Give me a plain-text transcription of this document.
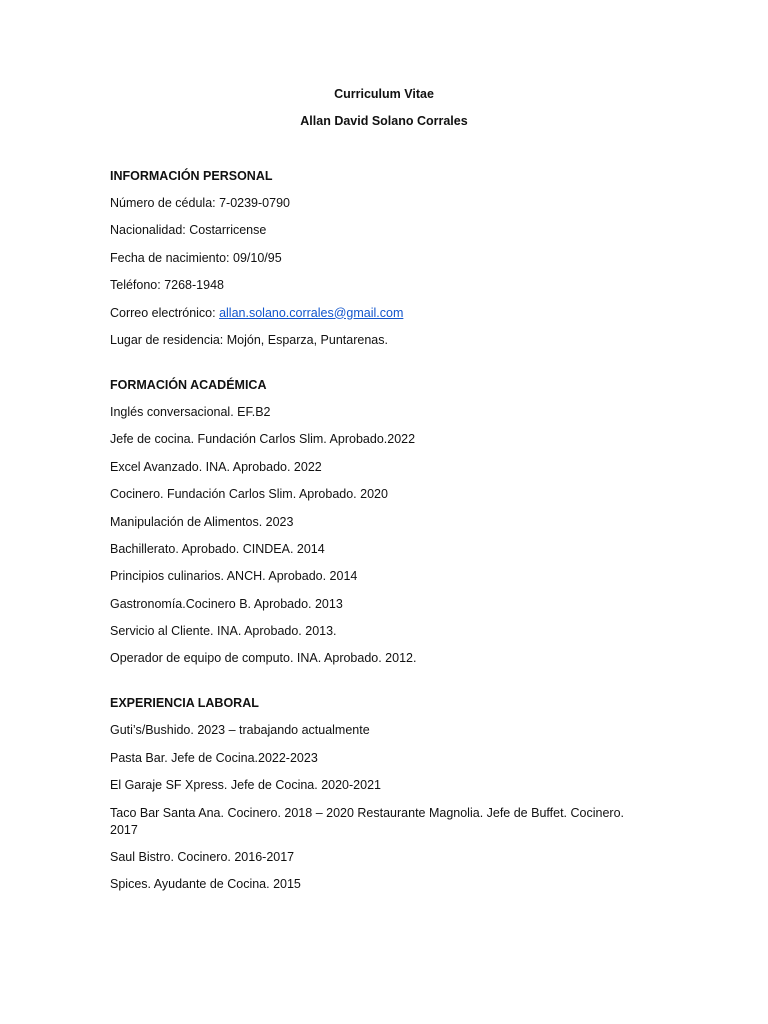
Curriculum Vitae
Allan David Solano Corrales
INFORMACIÓN PERSONAL
Número de cédula: 7-0239-0790
Nacionalidad: Costarricense
Fecha de nacimiento: 09/10/95
Teléfono: 7268-1948
Correo electrónico: allan.solano.corrales@gmail.com
Lugar de residencia: Mojón, Esparza, Puntarenas.
FORMACIÓN ACADÉMICA
Inglés conversacional. EF.B2
Jefe de cocina. Fundación Carlos Slim. Aprobado.2022
Excel Avanzado. INA. Aprobado. 2022
Cocinero. Fundación Carlos Slim. Aprobado. 2020
Manipulación de Alimentos. 2023
Bachillerato. Aprobado. CINDEA. 2014
Principios culinarios. ANCH. Aprobado. 2014
Gastronomía.Cocinero B. Aprobado. 2013
Servicio al Cliente. INA. Aprobado. 2013.
Operador de equipo de computo. INA. Aprobado. 2012.
EXPERIENCIA LABORAL
Guti’s/Bushido. 2023 – trabajando actualmente
Pasta Bar. Jefe de Cocina.2022-2023
El Garaje SF Xpress. Jefe de Cocina. 2020-2021
Taco Bar Santa Ana. Cocinero. 2018 – 2020 Restaurante Magnolia. Jefe de Buffet. Cocinero. 2017
Saul Bistro. Cocinero. 2016-2017
Spices. Ayudante de Cocina. 2015
